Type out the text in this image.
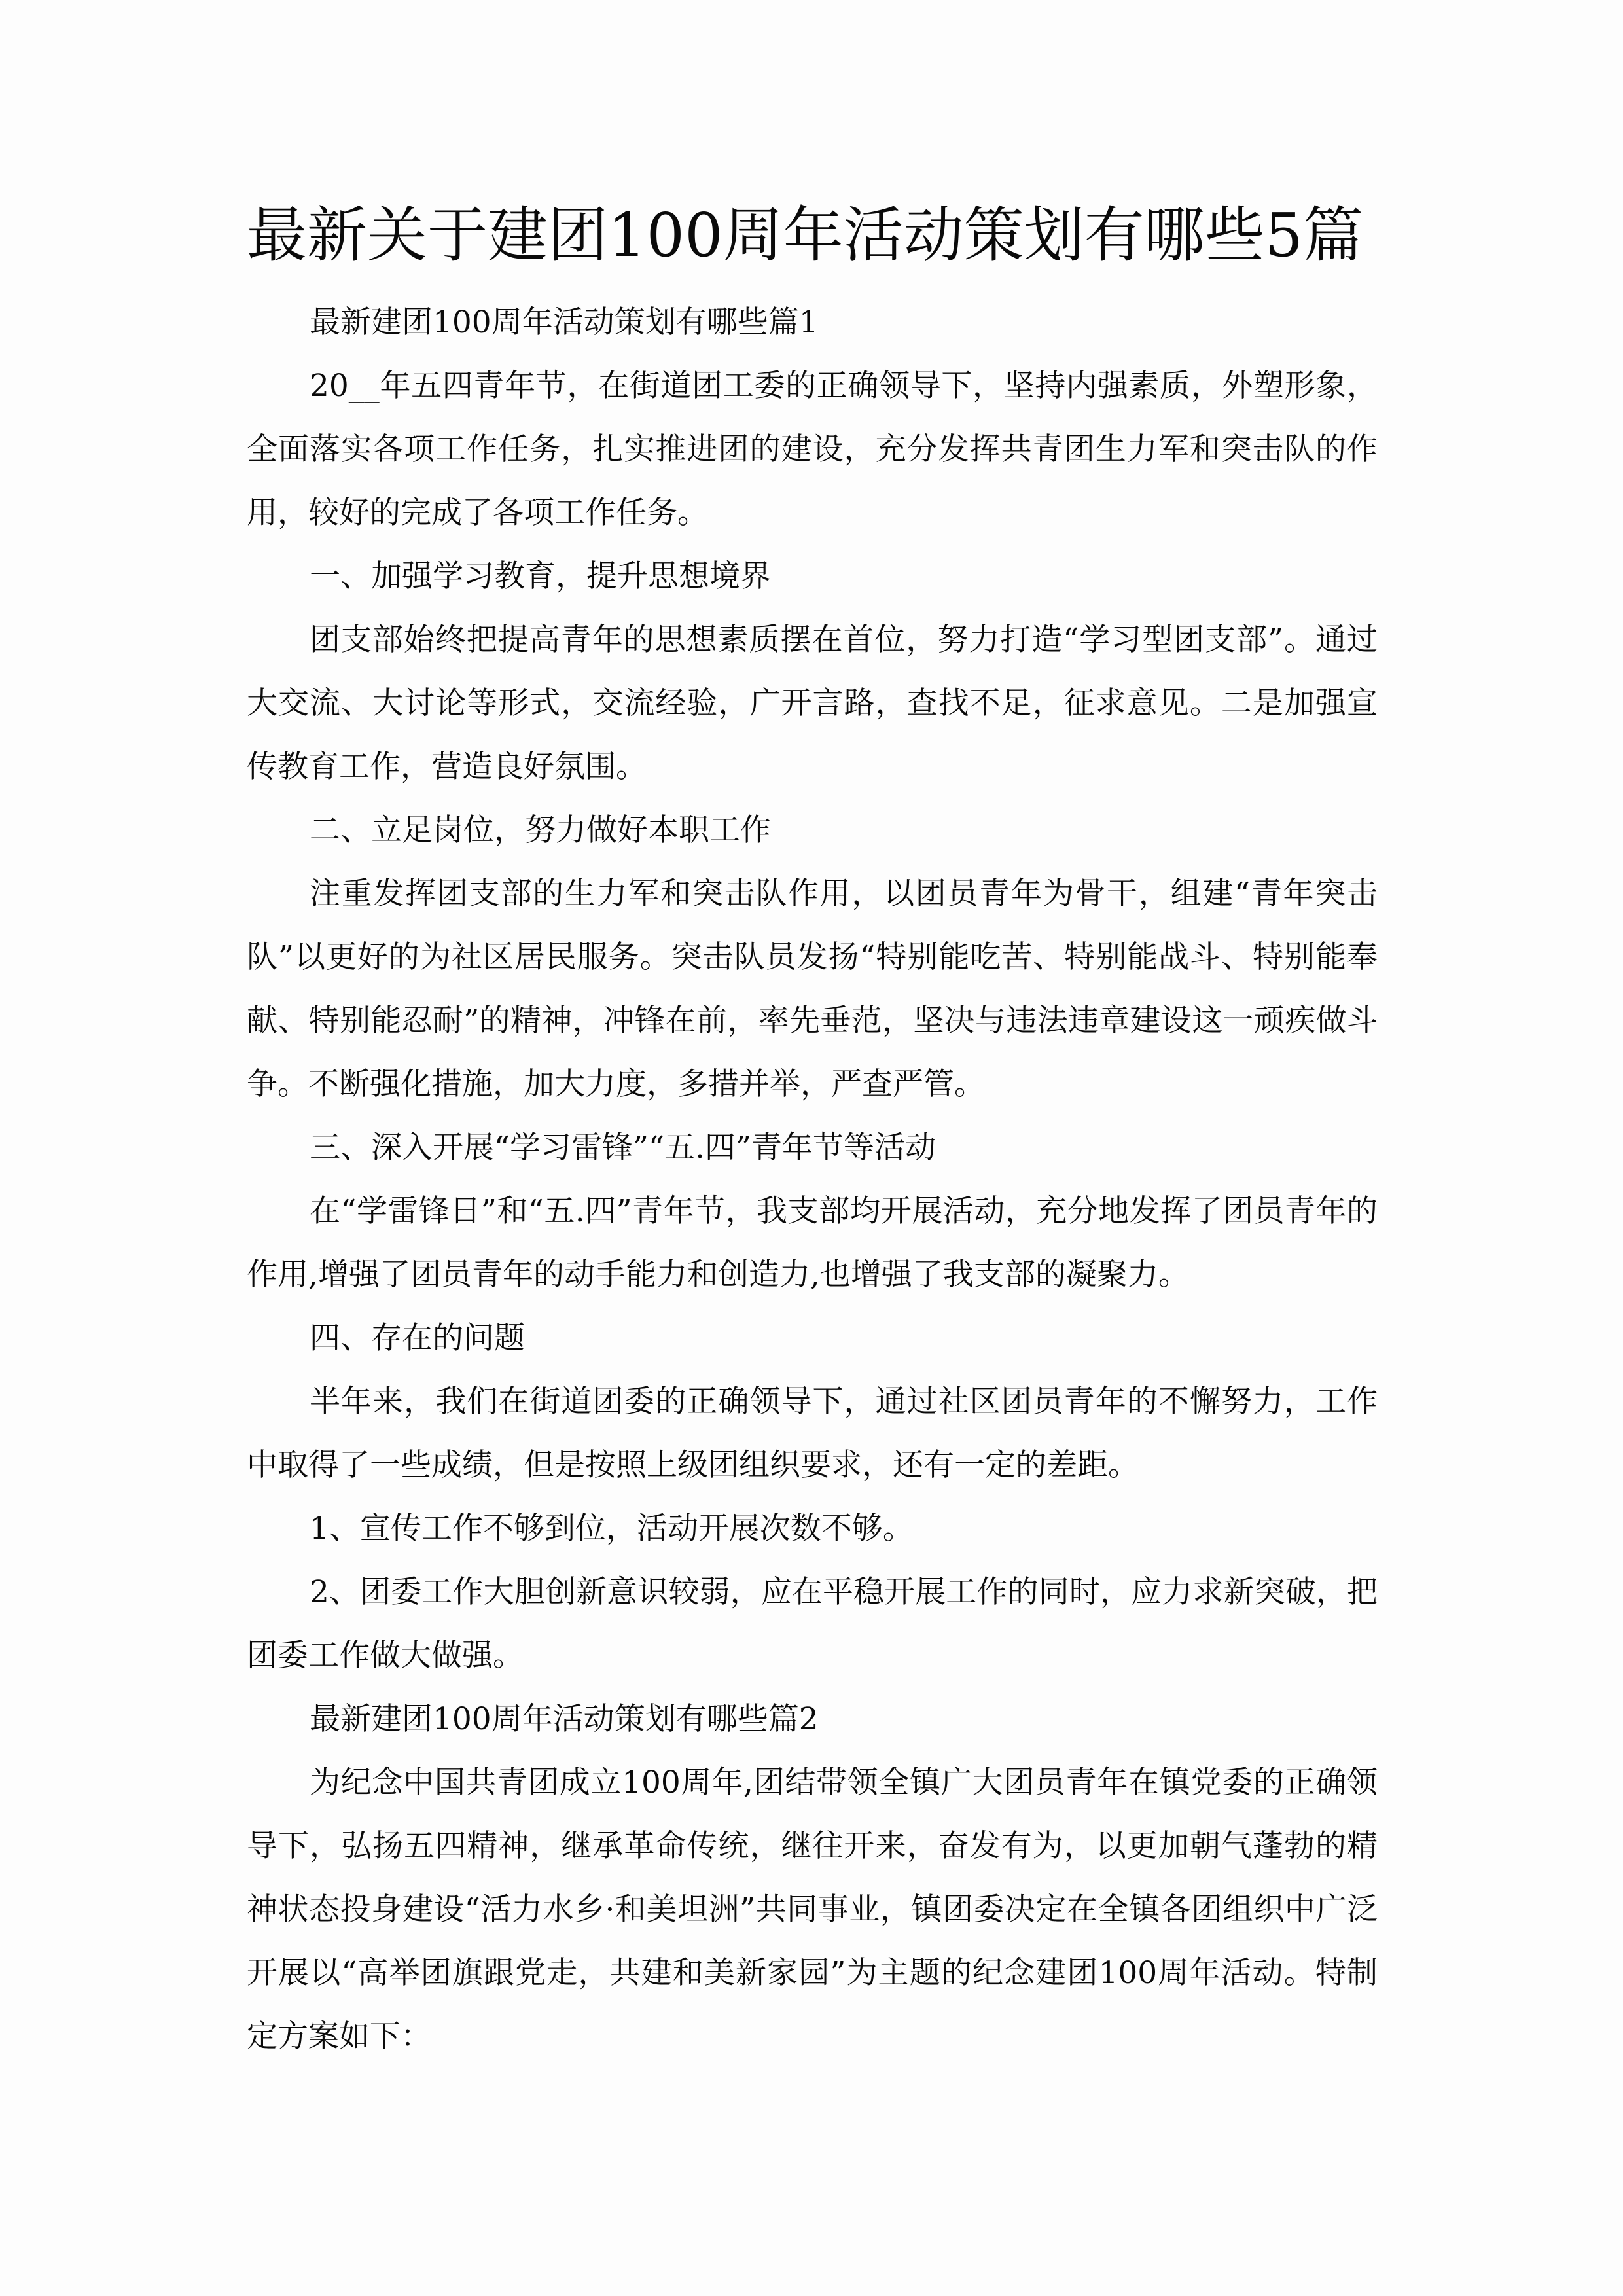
最新关于建团100周年活动策划有哪些5篇

最新建团100周年活动策划有哪些篇1

20__年五四青年节，在街道团工委的正确领导下，坚持内强素质，外塑形象，全面落实各项工作任务，扎实推进团的建设，充分发挥共青团生力军和突击队的作用，较好的完成了各项工作任务。

一、加强学习教育，提升思想境界

团支部始终把提高青年的思想素质摆在首位，努力打造“学习型团支部”。通过大交流、大讨论等形式，交流经验，广开言路，查找不足，征求意见。二是加强宣传教育工作，营造良好氛围。

二、立足岗位，努力做好本职工作

注重发挥团支部的生力军和突击队作用，以团员青年为骨干，组建“青年突击队”以更好的为社区居民服务。突击队员发扬“特别能吃苦、特别能战斗、特别能奉献、特别能忍耐”的精神，冲锋在前，率先垂范，坚决与违法违章建设这一顽疾做斗争。不断强化措施，加大力度，多措并举，严查严管。

三、深入开展“学习雷锋”“五.四”青年节等活动

在“学雷锋日”和“五.四”青年节，我支部均开展活动，充分地发挥了团员青年的作用,增强了团员青年的动手能力和创造力,也增强了我支部的凝聚力。

四、存在的问题

半年来，我们在街道团委的正确领导下，通过社区团员青年的不懈努力，工作中取得了一些成绩，但是按照上级团组织要求，还有一定的差距。

1、宣传工作不够到位，活动开展次数不够。

2、团委工作大胆创新意识较弱，应在平稳开展工作的同时，应力求新突破，把团委工作做大做强。

最新建团100周年活动策划有哪些篇2

为纪念中国共青团成立100周年,团结带领全镇广大团员青年在镇党委的正确领导下，弘扬五四精神，继承革命传统，继往开来，奋发有为，以更加朝气蓬勃的精神状态投身建设“活力水乡·和美坦洲”共同事业，镇团委决定在全镇各团组织中广泛开展以“高举团旗跟党走，共建和美新家园”为主题的纪念建团100周年活动。特制定方案如下：
